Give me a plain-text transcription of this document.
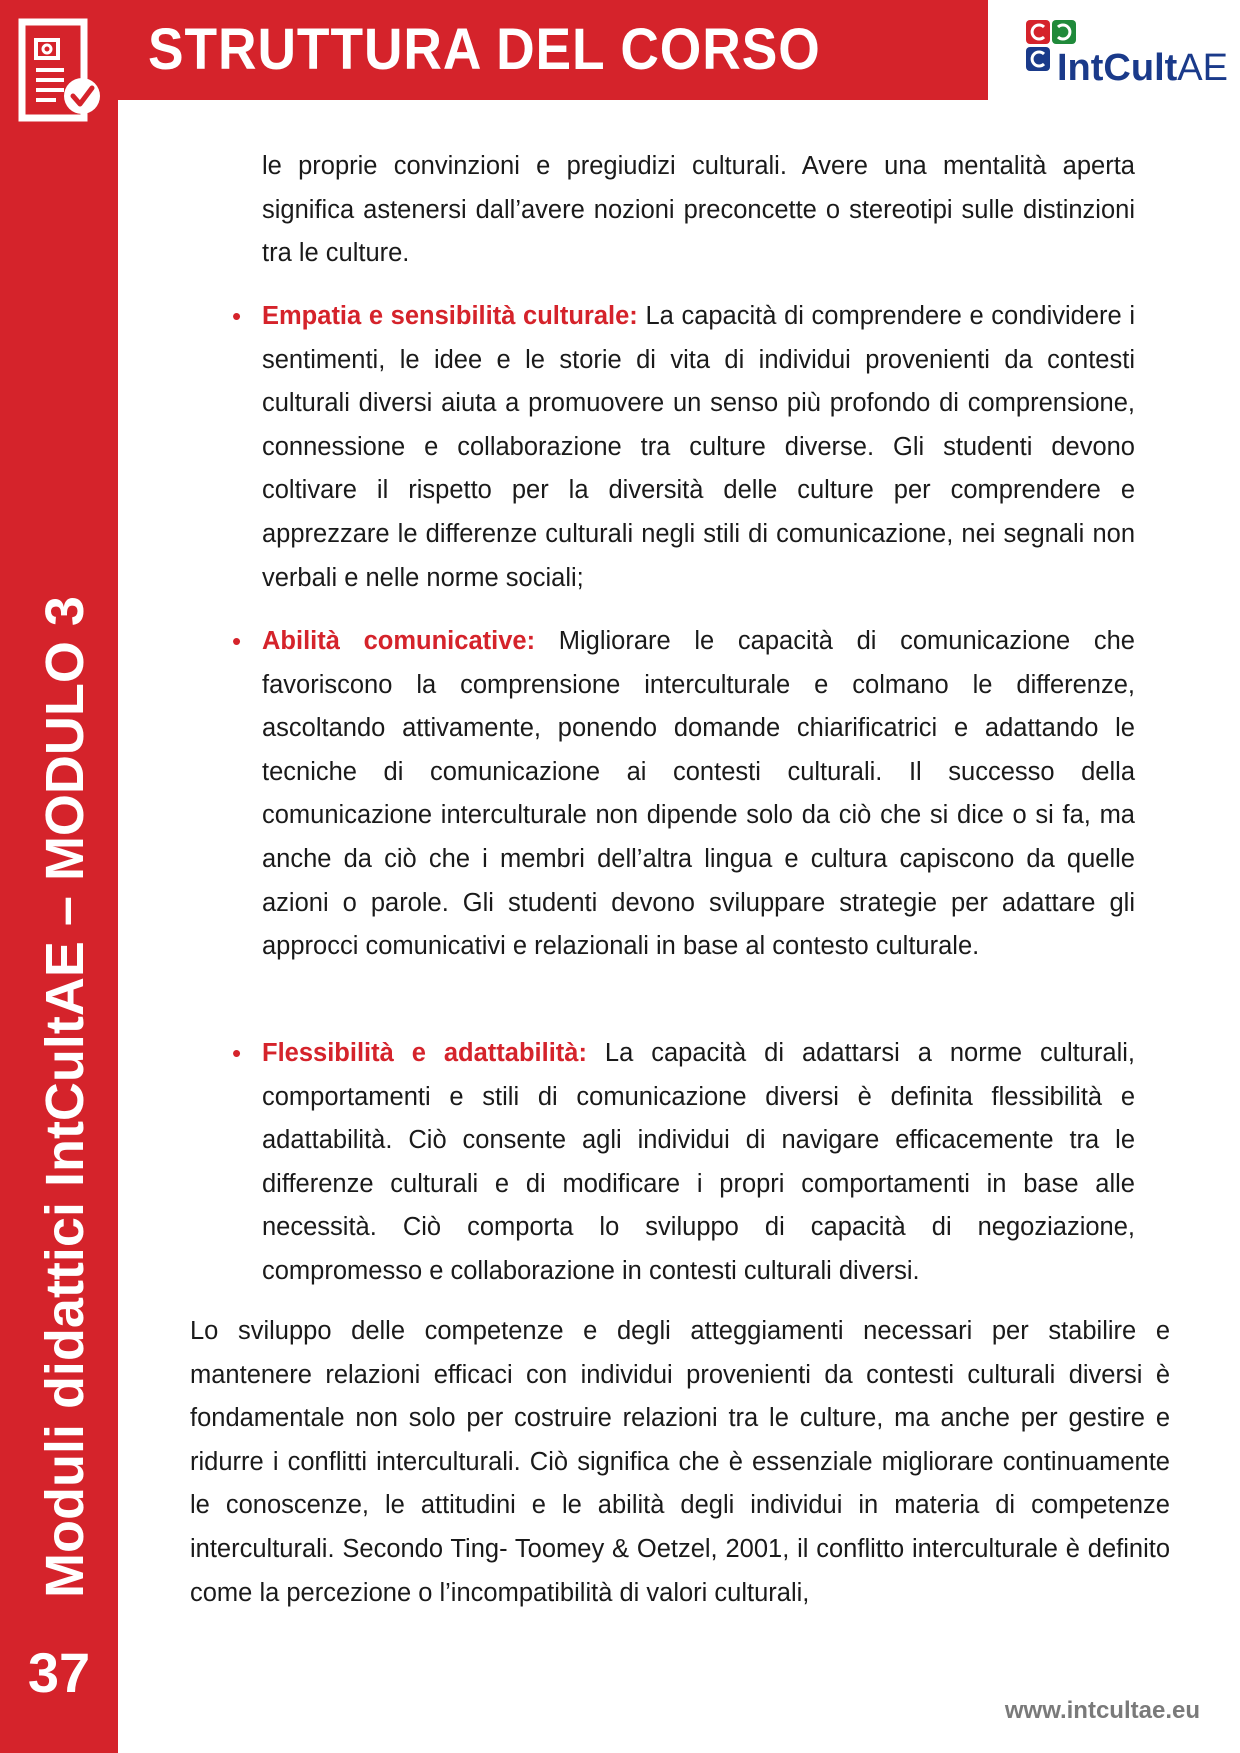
STRUTTURA DEL CORSO
Moduli didattici IntCultAE – MODULO 3
37
IntCultAE
le proprie convinzioni e pregiudizi culturali. Avere una mentalità aperta significa astenersi dall’avere nozioni preconcette o stereotipi sulle distinzioni tra le culture.
• Empatia e sensibilità culturale: La capacità di comprendere e condividere i sentimenti, le idee e le storie di vita di individui provenienti da contesti culturali diversi aiuta a promuovere un senso più profondo di comprensione, connessione e collaborazione tra culture diverse. Gli studenti devono coltivare il rispetto per la diversità delle culture per comprendere e apprezzare le differenze culturali negli stili di comunicazione, nei segnali non verbali e nelle norme sociali;
• Abilità comunicative: Migliorare le capacità di comunicazione che favoriscono la comprensione interculturale e colmano le differenze, ascoltando attivamente, ponendo domande chiarificatrici e adattando le tecniche di comunicazione ai contesti culturali. Il successo della comunicazione interculturale non dipende solo da ciò che si dice o si fa, ma anche da ciò che i membri dell’altra lingua e cultura capiscono da quelle azioni o parole. Gli studenti devono sviluppare strategie per adattare gli approcci comunicativi e relazionali in base al contesto culturale.
• Flessibilità e adattabilità: La capacità di adattarsi a norme culturali, comportamenti e stili di comunicazione diversi è definita flessibilità e adattabilità. Ciò consente agli individui di navigare efficacemente tra le differenze culturali e di modificare i propri comportamenti in base alle necessità. Ciò comporta lo sviluppo di capacità di negoziazione, compromesso e collaborazione in contesti culturali diversi.
Lo sviluppo delle competenze e degli atteggiamenti necessari per stabilire e mantenere relazioni efficaci con individui provenienti da contesti culturali diversi è fondamentale non solo per costruire relazioni tra le culture, ma anche per gestire e ridurre i conflitti interculturali. Ciò significa che è essenziale migliorare continuamente le conoscenze, le attitudini e le abilità degli individui in materia di competenze interculturali. Secondo Ting- Toomey & Oetzel, 2001, il conflitto interculturale è definito come la percezione o l’incompatibilità di valori culturali,
www.intcultae.eu
